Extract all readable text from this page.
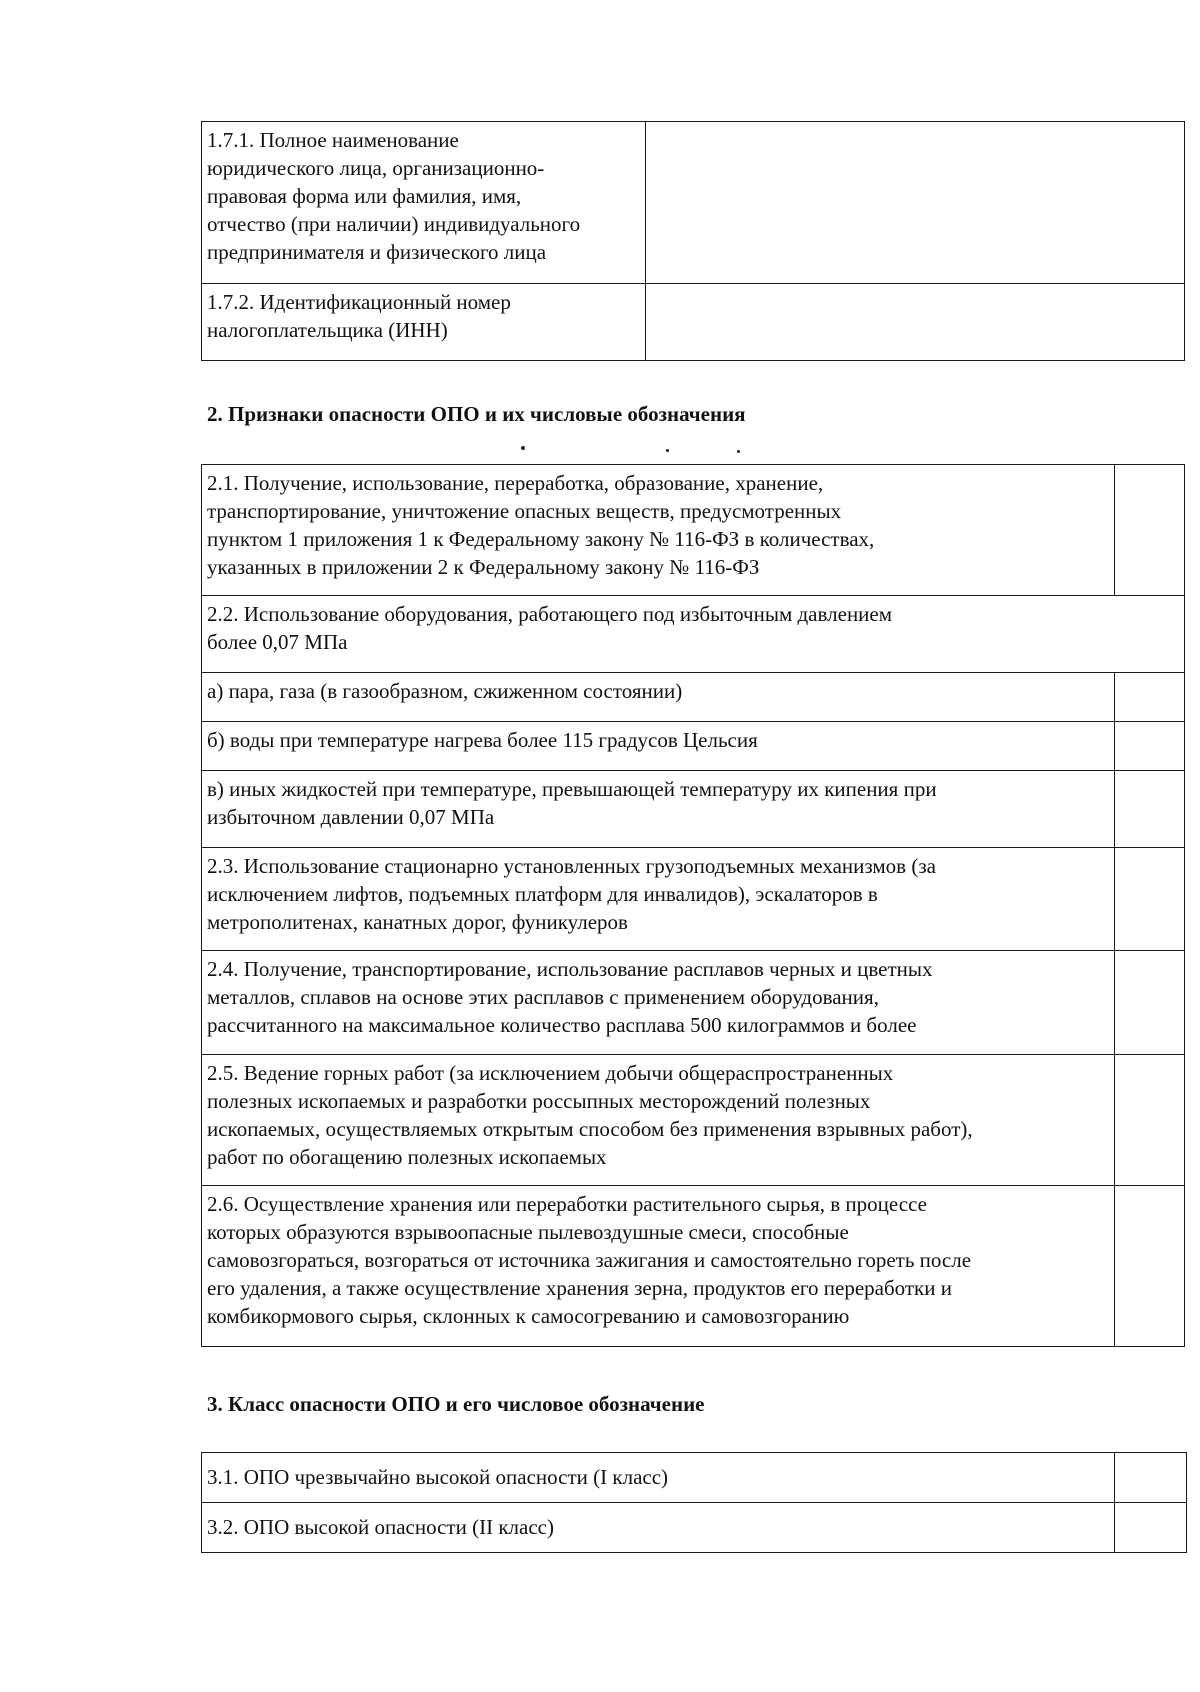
1.7.1. Полное наименование
юридического лица, организационно-
правовая форма или фамилия, имя,
отчество (при наличии) индивидуального
предпринимателя и физического лица	

1.7.2. Идентификационный номер
налогоплательщика (ИНН)	

2. Признаки опасности ОПО и их числовые обозначения
2.1. Получение, использование, переработка, образование, хранение,
транспортирование, уничтожение опасных веществ, предусмотренных
пунктом 1 приложения 1 к Федеральному закону № 116-ФЗ в количествах,
указанных в приложении 2 к Федеральному закону № 116-ФЗ	

2.2. Использование оборудования, работающего под избыточным давлением
более 0,07 МПа	

а) пара, газа (в газообразном, сжиженном состоянии)	

б) воды при температуре нагрева более 115 градусов Цельсия	

в) иных жидкостей при температуре, превышающей температуру их кипения при
избыточном давлении 0,07 МПа	

2.3. Использование стационарно установленных грузоподъемных механизмов (за
исключением лифтов, подъемных платформ для инвалидов), эскалаторов в
метрополитенах, канатных дорог, фуникулеров	

2.4. Получение, транспортирование, использование расплавов черных и цветных
металлов, сплавов на основе этих расплавов с применением оборудования,
рассчитанного на максимальное количество расплава 500 килограммов и более	

2.5. Ведение горных работ (за исключением добычи общераспространенных
полезных ископаемых и разработки россыпных месторождений полезных
ископаемых, осуществляемых открытым способом без применения взрывных работ),
работ по обогащению полезных ископаемых	

2.6. Осуществление хранения или переработки растительного сырья, в процессе
которых образуются взрывоопасные пылевоздушные смеси, способные
самовозгораться, возгораться от источника зажигания и самостоятельно гореть после
его удаления, а также осуществление хранения зерна, продуктов его переработки и
комбикормового сырья, склонных к самосогреванию и самовозгоранию	

3. Класс опасности ОПО и его числовое обозначение
3.1. ОПО чрезвычайно высокой опасности (I класс)	
3.2. ОПО высокой опасности (II класс)	
